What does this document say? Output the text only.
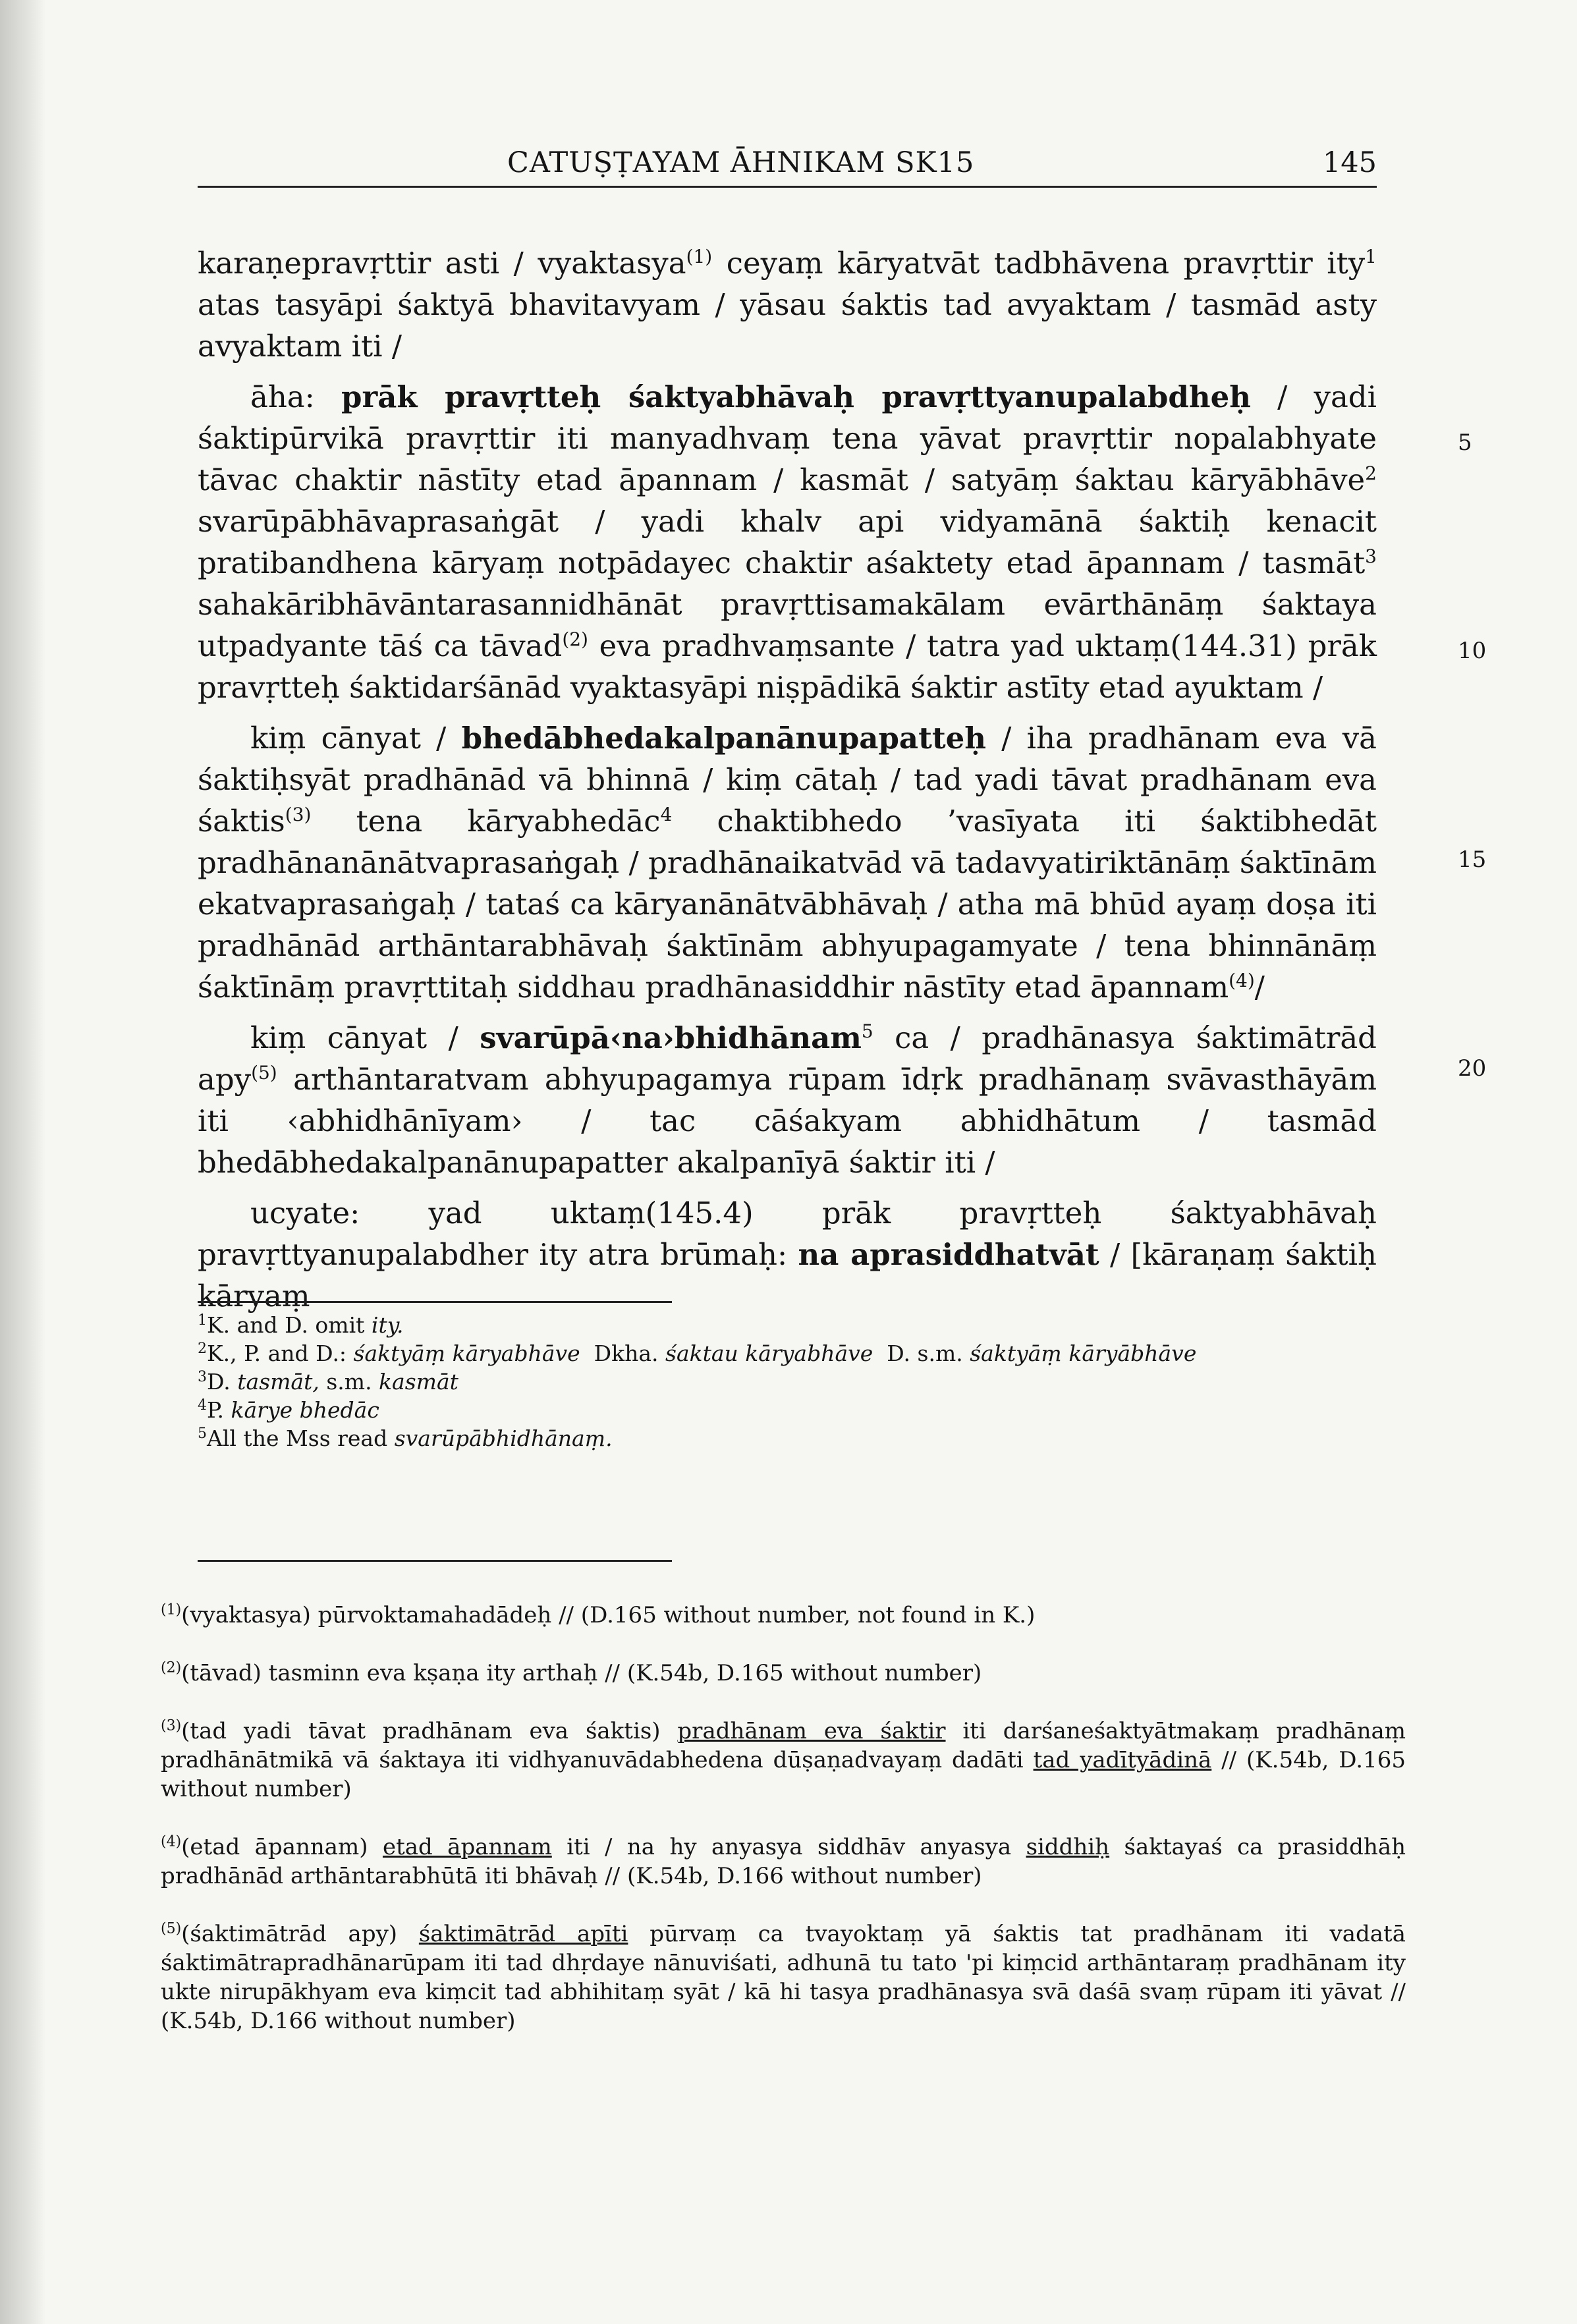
CATUṢṬAYAM ĀHNIKAM SK15	145

karaṇepravṛttir asti / vyaktasya$^{(1)}$ ceyaṃ kāryatvāt tadbhāvena pravṛttir ity$^1$ atas tasyāpi śaktyā bhavitavyam / yāsau śaktis tad avyaktam / tasmād asty avyaktam iti /

āha: prāk pravṛtteḥ śaktyabhāvaḥ pravṛttyanupalabdheḥ / yadi śaktipūrvikā pravṛttir iti manyadhvaṃ tena yāvat pravṛttir nopalabhyate tāvac chaktir nāstīty etad āpannam / kasmāt / satyāṃ śaktau kāryābhāve$^2$ svarūpābhāvaprasaṅgāt / yadi khalv api vidyamānā śaktiḥ kenacit pratibandhena kāryaṃ notpādayec chaktir aśaktety etad āpannam / tasmāt$^3$ sahakāribhāvāntarasannidhānāt pravṛttisamakālam evārthānāṃ śaktaya utpadyante tāś ca tāvad$^{(2)}$ eva pradhvaṃsante / tatra yad uktaṃ(144.31) prāk pravṛtteḥ śaktidarśānād vyaktasyāpi niṣpādikā śaktir astīty etad ayuktam /

kiṃ cānyat / bhedābhedakalpanānupapatteḥ / iha pradhānam eva vā śaktiḥsyāt pradhānād vā bhinnā / kiṃ cātaḥ / tad yadi tāvat pradhānam eva śaktis$^{(3)}$ tena kāryabhedāc$^4$ chaktibhedo ’vasīyata iti śaktibhedāt pradhānanānātvaprasaṅgaḥ / pradhānaikatvād vā tadavyatiriktānāṃ śaktīnām ekatvaprasaṅgaḥ / tataś ca kāryanānātvābhāvaḥ / atha mā bhūd ayaṃ doṣa iti pradhānād arthāntarabhāvaḥ śaktīnām abhyupagamyate / tena bhinnānāṃ śaktīnāṃ pravṛttitaḥ siddhau pradhānasiddhir nāstīty etad āpannam$^{(4)}$/

kiṃ cānyat / svarūpā‹na›bhidhānam$^5$ ca / pradhānasya śaktimātrād apy$^{(5)}$ arthāntaratvam abhyupagamya rūpam īdṛk pradhānaṃ svāvasthāyām iti ‹abhidhānīyam› / tac cāśakyam abhidhātum / tasmād bhedābhedakalpanānupapatter akalpanīyā śaktir iti /

ucyate: yad uktaṃ(145.4) prāk pravṛtteḥ śaktyabhāvaḥ pravṛttyanupalabdher ity atra brūmaḥ: na aprasiddhatvāt / [kāraṇaṃ śaktiḥ kāryaṃ

5
10
15
20
$^1$K. and D. omit ity.
$^2$K., P. and D.: śaktyāṃ kāryabhāve  Dkha. śaktau kāryabhāve  D. s.m. śaktyāṃ kāryābhāve
$^3$D. tasmāt, s.m. kasmāt
$^4$P. kārye bhedāc
$^5$All the Mss read svarūpābhidhānaṃ.
$^{(1)}$(vyaktasya) pūrvoktamahadādeḥ // (D.165 without number, not found in K.)
$^{(2)}$(tāvad) tasminn eva kṣaṇa ity arthaḥ // (K.54b, D.165 without number)
$^{(3)}$(tad yadi tāvat pradhānam eva śaktis) pradhānam eva śaktir iti darśaneśaktyātmakaṃ pradhānaṃ pradhānātmikā vā śaktaya iti vidhyanuvādabhedena dūṣaṇadvayaṃ dadāti tad yadītyādinā // (K.54b, D.165 without number)
$^{(4)}$(etad āpannam) etad āpannam iti / na hy anyasya siddhāv anyasya siddhiḥ śaktayaś ca prasiddhāḥ pradhānād arthāntarabhūtā iti bhāvaḥ // (K.54b, D.166 without number)
$^{(5)}$(śaktimātrād apy) śaktimātrād apīti pūrvaṃ ca tvayoktaṃ yā śaktis tat pradhānam iti vadatā śaktimātrapradhānarūpam iti tad dhṛdaye nānuviśati, adhunā tu tato 'pi kiṃcid arthāntaraṃ pradhānam ity ukte nirupākhyam eva kiṃcit tad abhihitaṃ syāt / kā hi tasya pradhānasya svā daśā svaṃ rūpam iti yāvat // (K.54b, D.166 without number)
